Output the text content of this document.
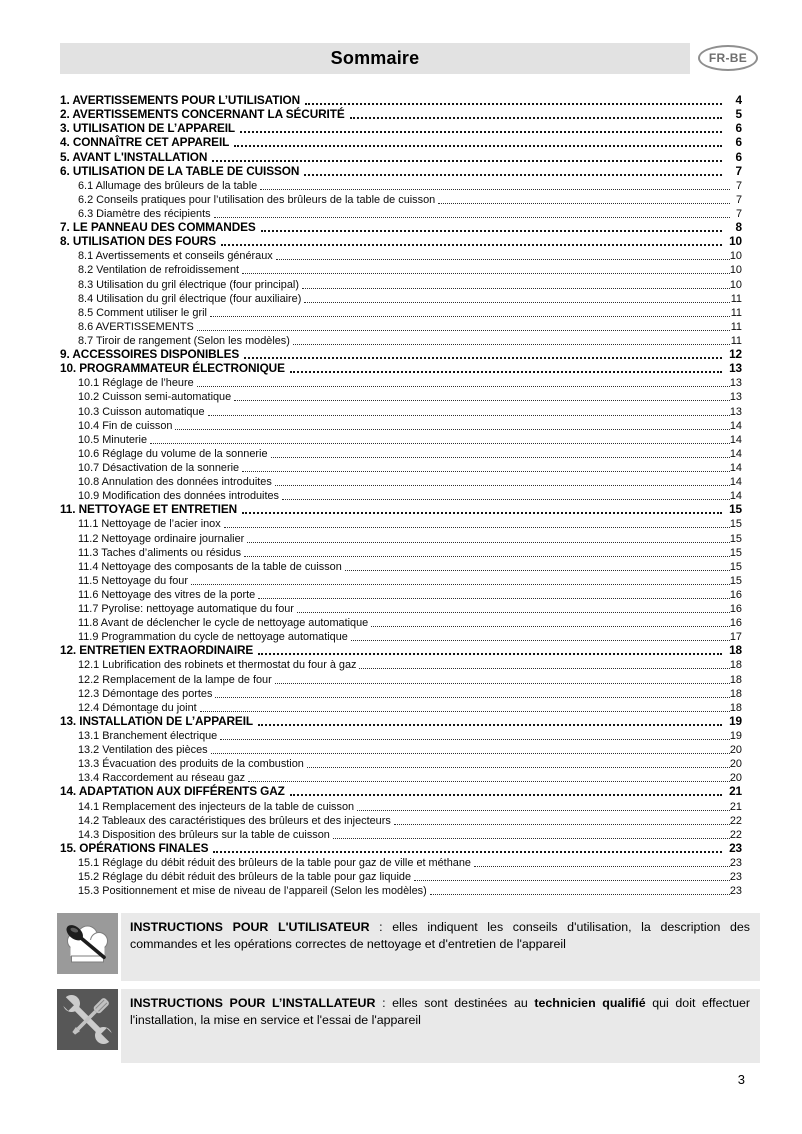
Sommaire	FR-BE
1. AVERTISSEMENTS POUR L’UTILISATION	4
2. AVERTISSEMENTS CONCERNANT LA SÉCURITÉ	5
3. UTILISATION DE L’APPAREIL	6
4. CONNAÎTRE CET APPAREIL	6
5. AVANT L'INSTALLATION	6
6. UTILISATION DE LA TABLE DE CUISSON	7
6.1 Allumage des brûleurs de la table	7
6.2 Conseils pratiques pour l’utilisation des brûleurs de la table de cuisson	7
6.3 Diamètre des récipients	7
7. LE PANNEAU DES COMMANDES	8
8. UTILISATION DES FOURS	10
8.1 Avertissements et conseils généraux	10
8.2 Ventilation de refroidissement	10
8.3 Utilisation du gril électrique (four principal)	10
8.4 Utilisation du gril électrique (four auxiliaire)	11
8.5 Comment utiliser le gril	11
8.6 AVERTISSEMENTS	11
8.7 Tiroir de rangement (Selon les modèles)	11
9. ACCESSOIRES DISPONIBLES	12
10. PROGRAMMATEUR ÉLECTRONIQUE	13
10.1 Réglage de l’heure	13
10.2 Cuisson semi-automatique	13
10.3 Cuisson automatique	13
10.4 Fin de cuisson	14
10.5 Minuterie	14
10.6 Réglage du volume de la sonnerie	14
10.7 Désactivation de la sonnerie	14
10.8 Annulation des données introduites	14
10.9 Modification des données introduites	14
11. NETTOYAGE ET ENTRETIEN	15
11.1 Nettoyage de l’acier inox	15
11.2 Nettoyage ordinaire journalier	15
11.3 Taches d’aliments ou résidus	15
11.4 Nettoyage des composants de la table de cuisson	15
11.5 Nettoyage du four	15
11.6 Nettoyage des vitres de la porte	16
11.7 Pyrolise: nettoyage automatique du four	16
11.8 Avant de déclencher le cycle de nettoyage automatique	16
11.9 Programmation du cycle de nettoyage automatique	17
12. ENTRETIEN EXTRAORDINAIRE	18
12.1 Lubrification des robinets et thermostat du four à gaz	18
12.2 Remplacement de la lampe de four	18
12.3 Démontage des portes	18
12.4 Démontage du joint	18
13. INSTALLATION DE L’APPAREIL	19
13.1 Branchement électrique	19
13.2 Ventilation des pièces	20
13.3 Évacuation des produits de la combustion	20
13.4 Raccordement au réseau gaz	20
14. ADAPTATION AUX DIFFÉRENTS GAZ	21
14.1 Remplacement des injecteurs de la table de cuisson	21
14.2 Tableaux des caractéristiques des brûleurs et des injecteurs	22
14.3 Disposition des brûleurs sur la table de cuisson	22
15. OPÉRATIONS FINALES	23
15.1 Réglage du débit réduit des brûleurs de la table pour gaz de ville et méthane	23
15.2 Réglage du débit réduit des brûleurs de la table pour gaz liquide	23
15.3 Positionnement et mise de niveau de l’appareil (Selon les modèles)	23
INSTRUCTIONS POUR L'UTILISATEUR : elles indiquent les conseils d'utilisation, la description des commandes et les opérations correctes de nettoyage et d'entretien de l'appareil
INSTRUCTIONS POUR L’INSTALLATEUR : elles sont destinées au technicien qualifié qui doit effectuer l'installation, la mise en service et l'essai de l'appareil
3
